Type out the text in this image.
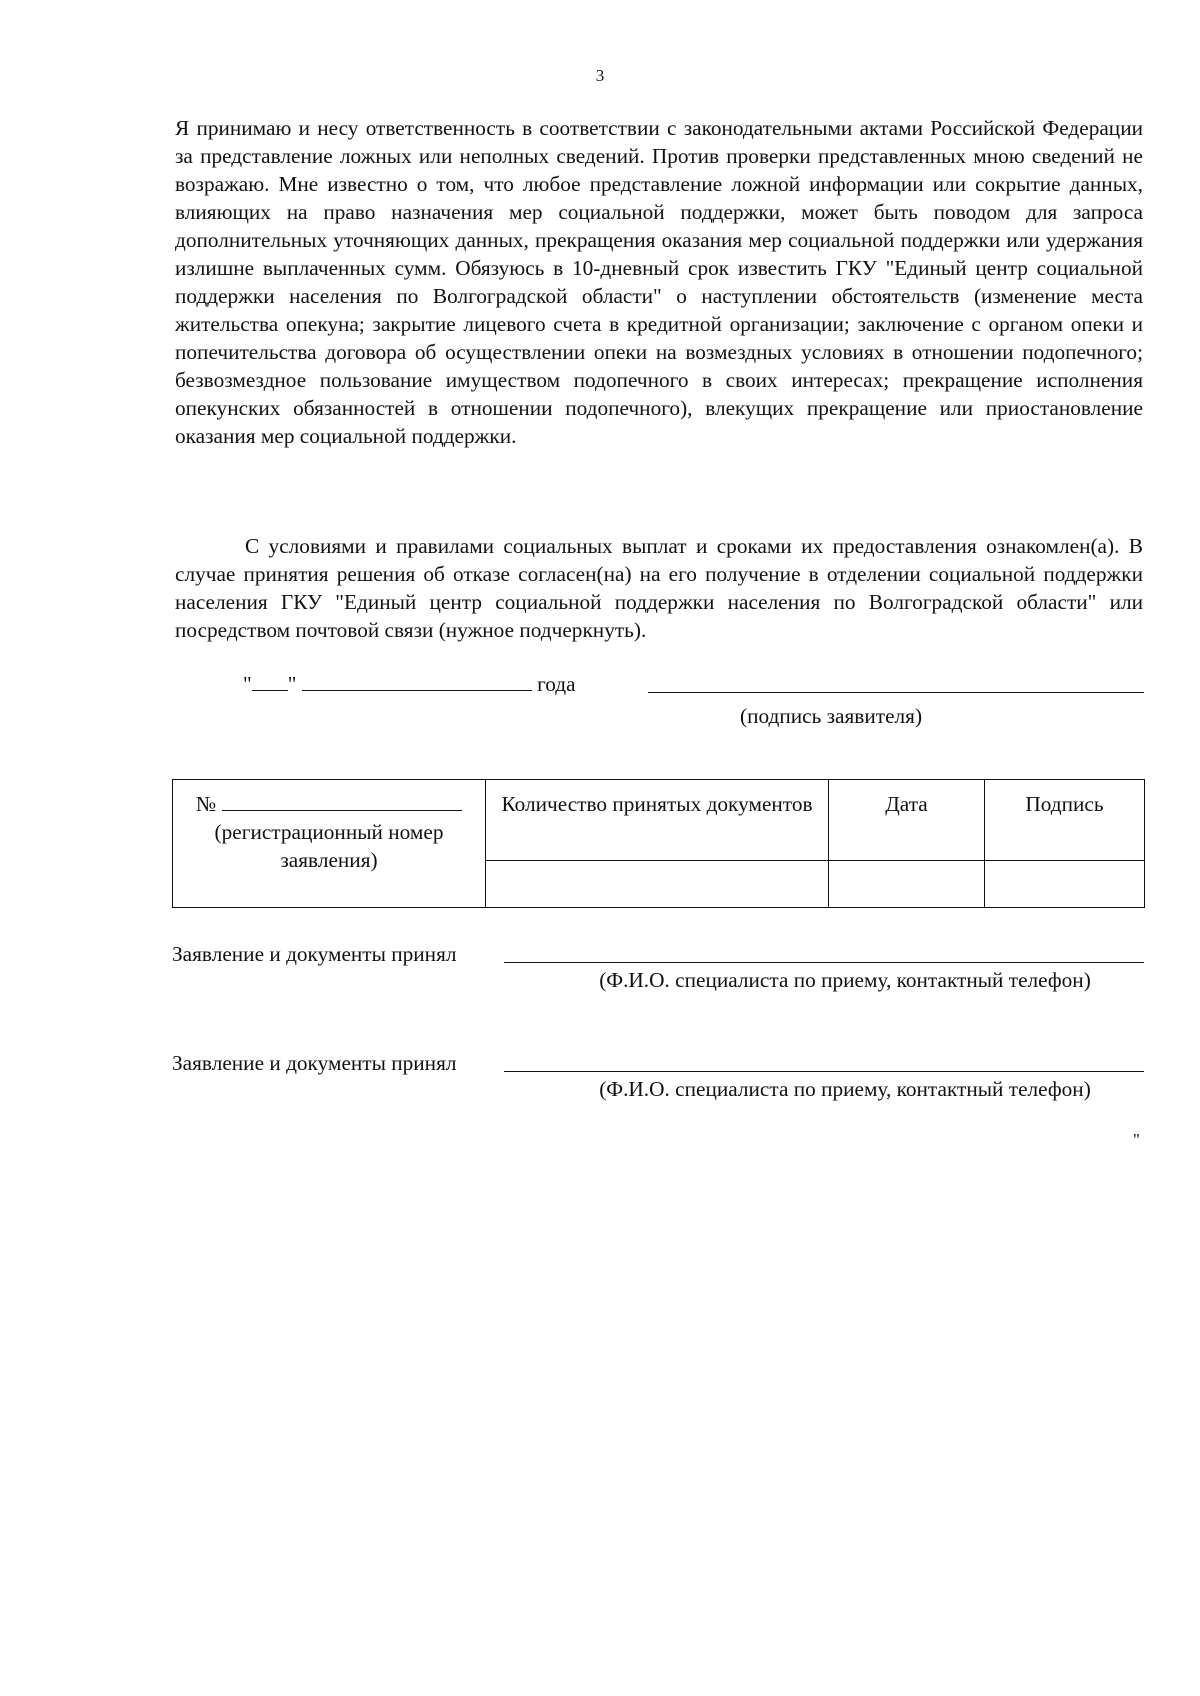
3

Я принимаю и несу ответственность в соответствии с законодательными актами Российской Федерации за представление ложных или неполных сведений. Против проверки представленных мною сведений не возражаю. Мне известно о том, что любое представление ложной информации или сокрытие данных, влияющих на право назначения мер социальной поддержки, может быть поводом для запроса дополнительных уточняющих данных, прекращения оказания мер социальной поддержки или удержания излишне выплаченных сумм. Обязуюсь в 10-дневный срок известить ГКУ "Единый центр социальной поддержки населения по Волгоградской области" о наступлении обстоятельств (изменение места жительства опекуна; закрытие лицевого счета в кредитной организации; заключение с органом опеки и попечительства договора об осуществлении опеки на возмездных условиях в отношении подопечного; безвозмездное пользование имуществом подопечного в своих интересах; прекращение исполнения опекунских обязанностей в отношении подопечного), влекущих прекращение или приостановление оказания мер социальной поддержки.

С условиями и правилами социальных выплат и сроками их предоставления ознакомлен(а). В случае принятия решения об отказе согласен(на) на его получение в отделении социальной поддержки населения ГКУ "Единый центр социальной поддержки населения по Волгоградской области" или посредством почтовой связи (нужное подчеркнуть).

" "	года
(подпись заявителя)
№
(регистрационный номер заявления)	Количество принятых документов	Дата	Подпись

Заявление и документы принял
(Ф.И.О. специалиста по приему, контактный телефон)
Заявление и документы принял
(Ф.И.О. специалиста по приему, контактный телефон)
"
